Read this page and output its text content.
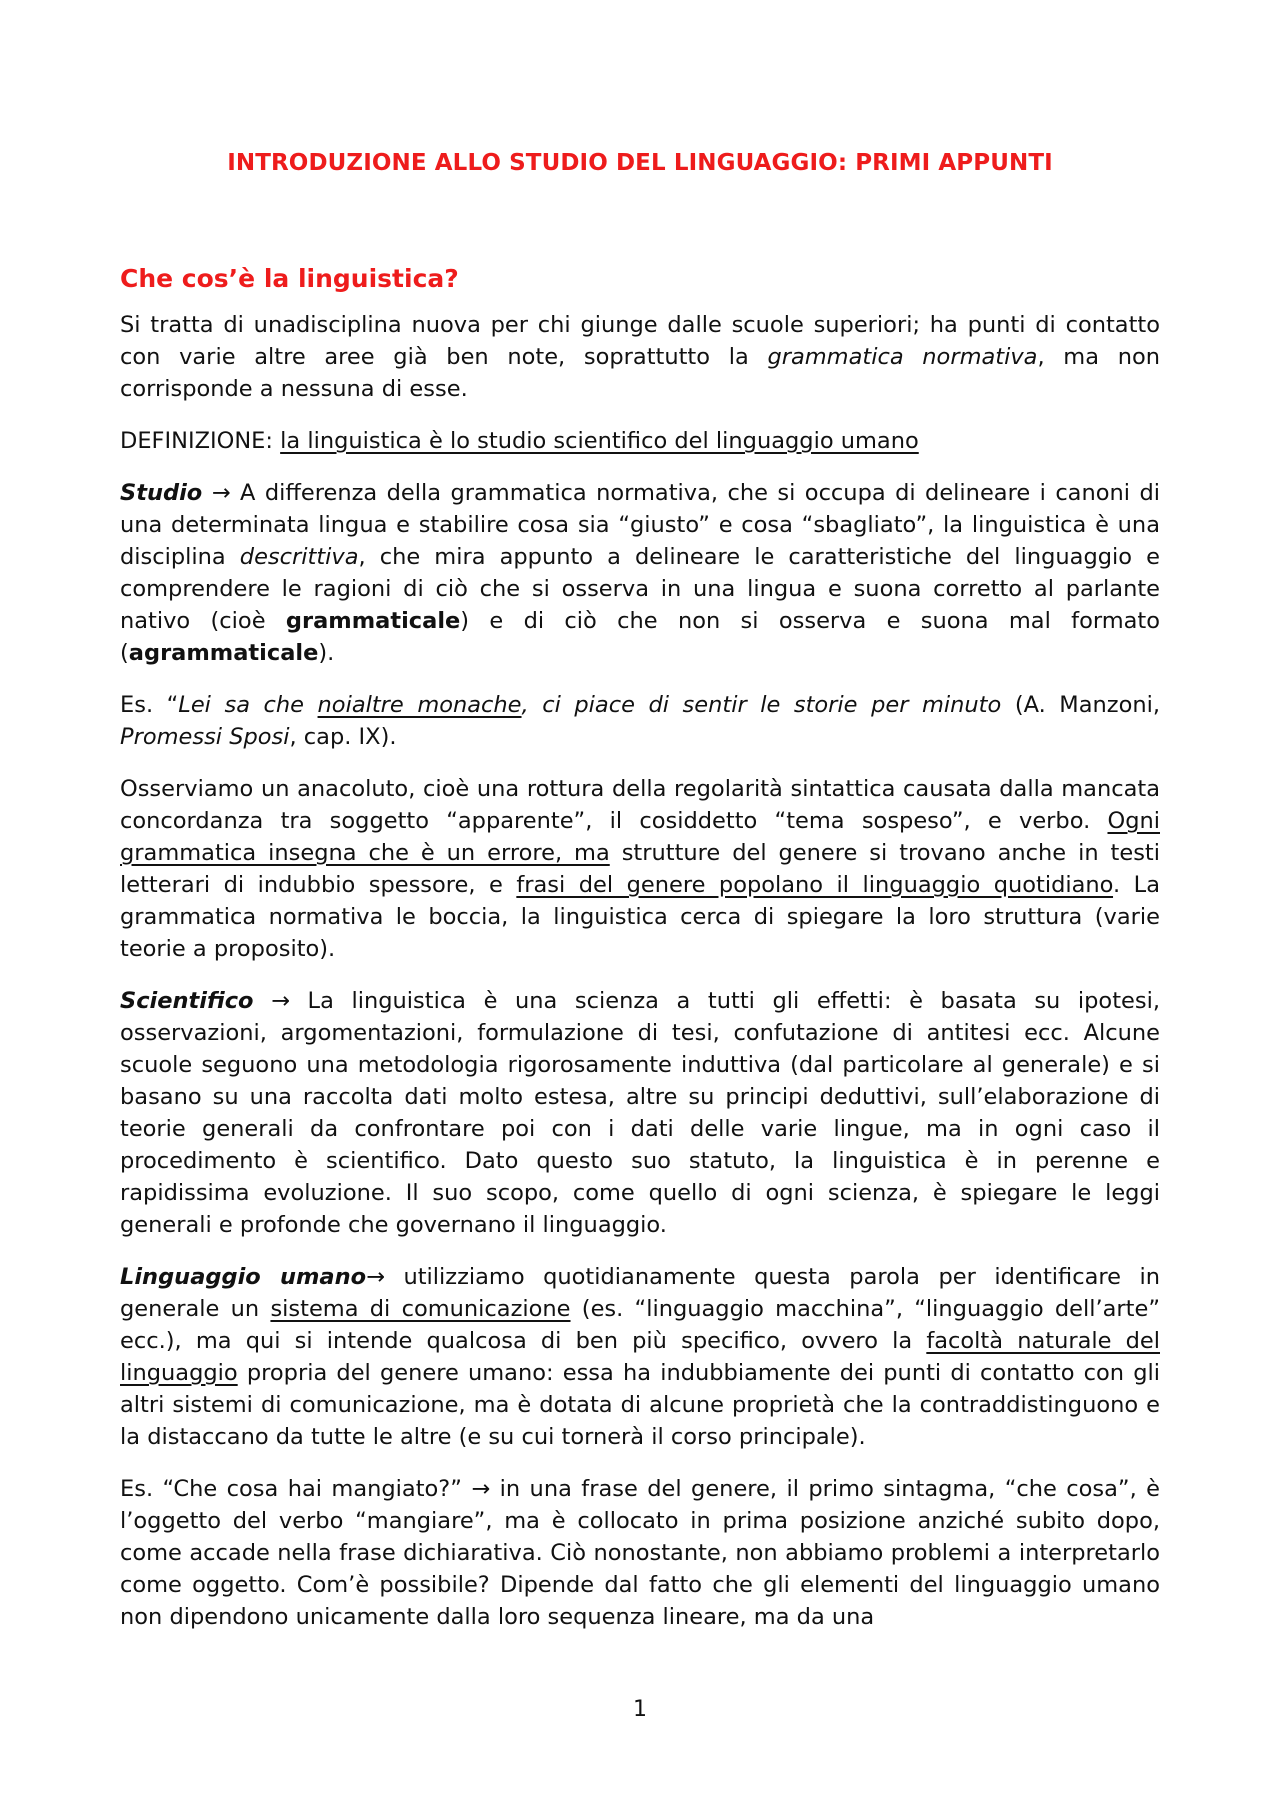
INTRODUZIONE ALLO STUDIO DEL LINGUAGGIO: PRIMI APPUNTI
Che cos’è la linguistica?

Si tratta di unadisciplina nuova per chi giunge dalle scuole superiori; ha punti di contatto con varie altre aree già ben note, soprattutto la grammatica normativa, ma non corrisponde a nessuna di esse.

DEFINIZIONE: la linguistica è lo studio scientifico del linguaggio umano

Studio → A differenza della grammatica normativa, che si occupa di delineare i canoni di una determinata lingua e stabilire cosa sia “giusto” e cosa “sbagliato”, la linguistica è una disciplina descrittiva, che mira appunto a delineare le caratteristiche del linguaggio e comprendere le ragioni di ciò che si osserva in una lingua e suona corretto al parlante nativo (cioè grammaticale) e di ciò che non si osserva e suona mal formato (agrammaticale).

Es. “Lei sa che noialtre monache, ci piace di sentir le storie per minuto (A. Manzoni, Promessi Sposi, cap. IX).

Osserviamo un anacoluto, cioè una rottura della regolarità sintattica causata dalla mancata concordanza tra soggetto “apparente”, il cosiddetto “tema sospeso”, e verbo. Ogni grammatica insegna che è un errore, ma strutture del genere si trovano anche in testi letterari di indubbio spessore, e frasi del genere popolano il linguaggio quotidiano. La grammatica normativa le boccia, la linguistica cerca di spiegare la loro struttura (varie teorie a proposito).

Scientifico → La linguistica è una scienza a tutti gli effetti: è basata su ipotesi, osservazioni, argomentazioni, formulazione di tesi, confutazione di antitesi ecc. Alcune scuole seguono una metodologia rigorosamente induttiva (dal particolare al generale) e si basano su una raccolta dati molto estesa, altre su principi deduttivi, sull’elaborazione di teorie generali da confrontare poi con i dati delle varie lingue, ma in ogni caso il procedimento è scientifico. Dato questo suo statuto, la linguistica è in perenne e rapidissima evoluzione. Il suo scopo, come quello di ogni scienza, è spiegare le leggi generali e profonde che governano il linguaggio.

Linguaggio umano→ utilizziamo quotidianamente questa parola per identificare in generale un sistema di comunicazione (es. “linguaggio macchina”, “linguaggio dell’arte” ecc.), ma qui si intende qualcosa di ben più specifico, ovvero la facoltà naturale del linguaggio propria del genere umano: essa ha indubbiamente dei punti di contatto con gli altri sistemi di comunicazione, ma è dotata di alcune proprietà che la contraddistinguono e la distaccano da tutte le altre (e su cui tornerà il corso principale).

Es. “Che cosa hai mangiato?” → in una frase del genere, il primo sintagma, “che cosa”, è l’oggetto del verbo “mangiare”, ma è collocato in prima posizione anziché subito dopo, come accade nella frase dichiarativa. Ciò nonostante, non abbiamo problemi a interpretarlo come oggetto. Com’è possibile? Dipende dal fatto che gli elementi del linguaggio umano non dipendono unicamente dalla loro sequenza lineare, ma da una

1
